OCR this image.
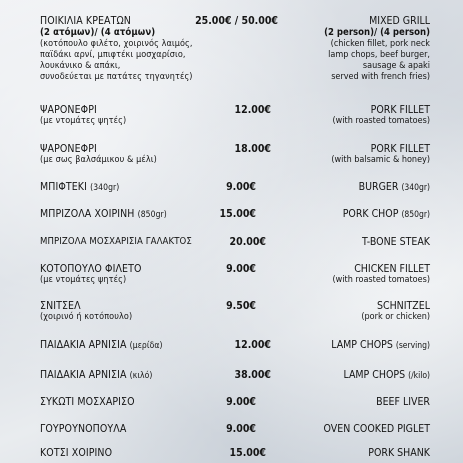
ΠΟΙΚΙΛΙΑ ΚΡΕΑΤΩΝ
(2 ατόμων)/ (4 ατόμων)
(κοτόπουλο φιλέτο, χοιρινός λαιμός,
παϊδάκι αρνί, μπιφτέκι μοσχαρίσιο,
λουκάνικο & απάκι,
συνοδεύεται με πατάτες τηγανητές)
25.00€ / 50.00€	MIXED GRILL
(2 person)/ (4 person)
(chicken fillet, pork neck
lamp chops, beef burger,
sausage & apaki
served with french fries)
ΨΑΡΟΝΕΦΡΙ
(με ντομάτες ψητές)
12.00€	PORK FILLET
(with roasted tomatoes)
ΨΑΡΟΝΕΦΡΙ
(με σως βαλσάμικου & μέλι)
18.00€	PORK FILLET
(with balsamic & honey)
ΜΠΙΦΤΕΚΙ (340gr)	9.00€	BURGER (340gr)
ΜΠΡΙΖΟΛΑ ΧΟΙΡΙΝΗ (850gr)	15.00€	PORK CHOP (850gr)
ΜΠΡΙΖΟΛΑ ΜΟΣΧΑΡΙΣΙΑ ΓΑΛΑΚΤΟΣ	20.00€	T-BONE STEAK
ΚΟΤΟΠΟΥΛΟ ΦΙΛΕΤΟ
(με ντομάτες ψητές)
9.00€	CHICKEN FILLET
(with roasted tomatoes)
ΣΝΙΤΣΕΛ
(χοιρινό ή κοτόπουλο)
9.50€	SCHNITZEL
(pork or chicken)
ΠΑΙΔΑΚΙΑ ΑΡΝΙΣΙΑ (μερίδα)	12.00€	LAMP CHOPS (serving)
ΠΑΙΔΑΚΙΑ ΑΡΝΙΣΙΑ (κιλό)	38.00€	LAMP CHOPS (/kilo)
ΣΥΚΩΤΙ ΜΟΣΧΑΡΙΣΟ	9.00€	BEEF LIVER
ΓΟΥΡΟΥΝΟΠΟΥΛΑ	9.00€	OVEN COOKED PIGLET
ΚΟΤΣΙ ΧΟΙΡΙΝΟ	15.00€	PORK SHANK
